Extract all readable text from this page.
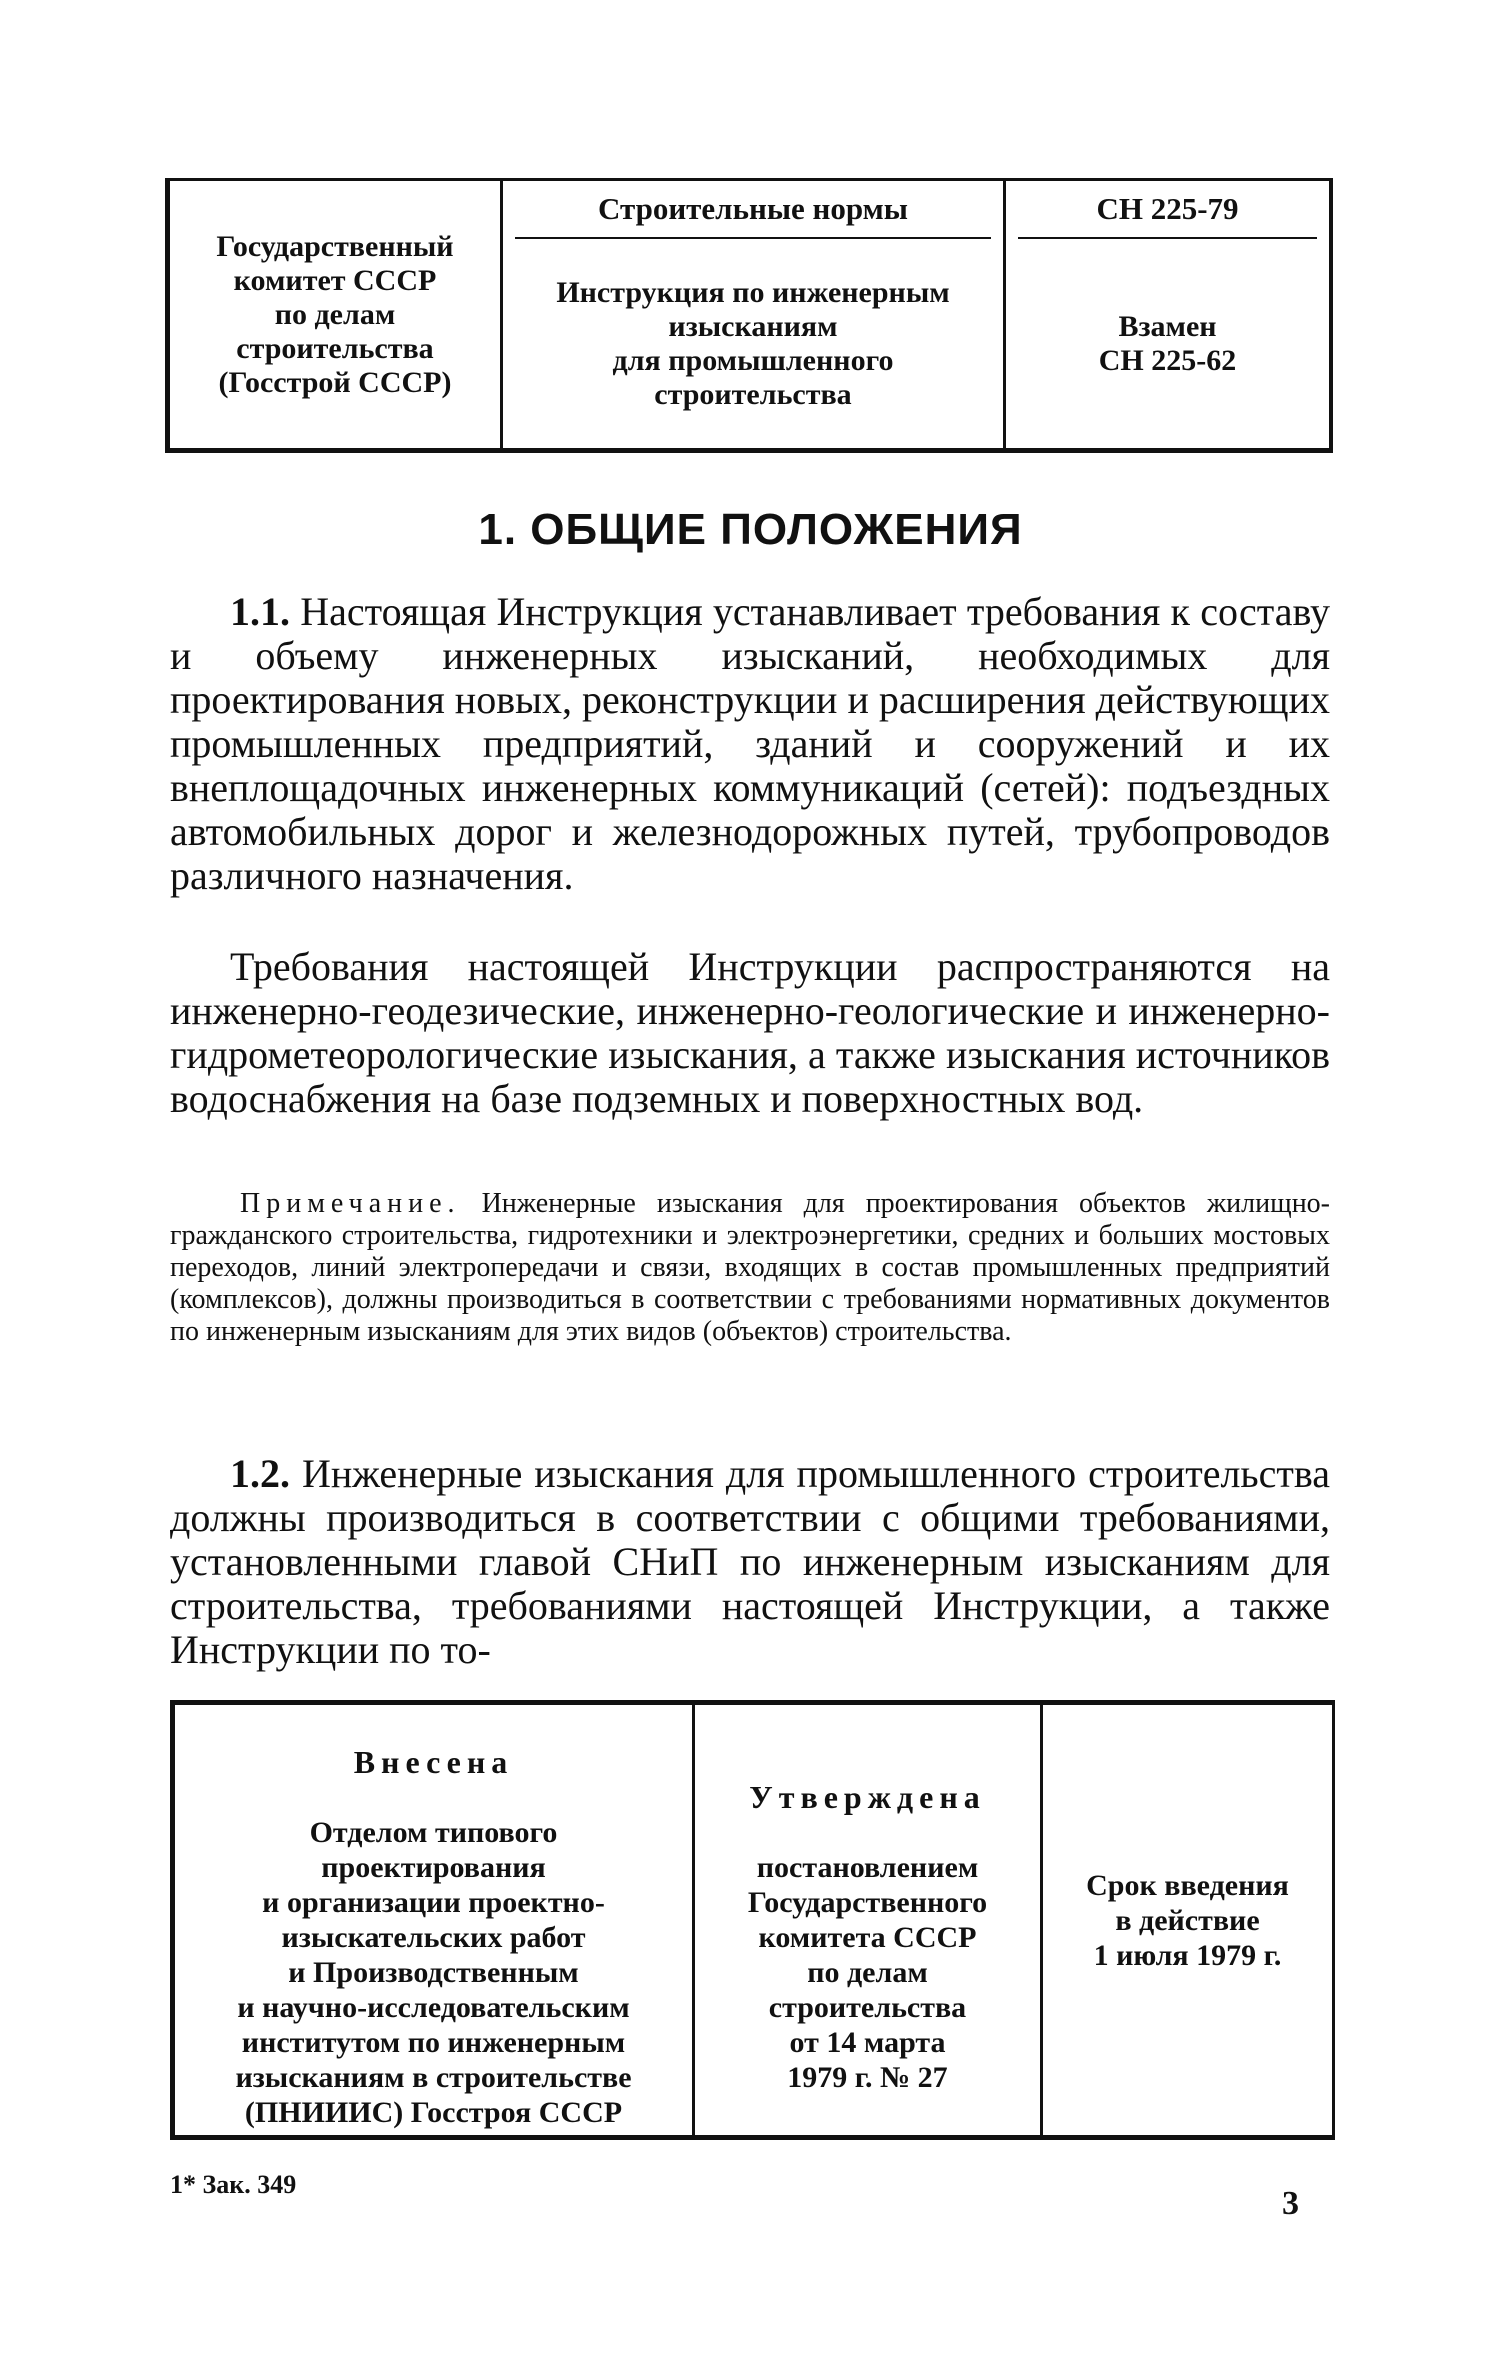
Государственный
комитет СССР
по делам
строительства
(Госстрой СССР)
Строительные нормы
Инструкция по инженерным
изысканиям
для промышленного
строительства
СН 225-79
Взамен
СН 225-62
1. ОБЩИЕ ПОЛОЖЕНИЯ

1.1. Настоящая Инструкция устанавливает требования к составу и объему инженерных изысканий, необходимых для проектирования новых, реконструкции и расширения действующих промышленных предприятий, зданий и сооружений и их внеплощадочных инженерных коммуникаций (сетей): подъездных автомобильных дорог и железнодорожных путей, трубопроводов различного назначения.

Требования настоящей Инструкции распространяются на инженерно-геодезические, инженерно-геологические и инженерно-гидрометеорологические изыскания, а также изыскания источников водоснабжения на базе подземных и поверхностных вод.

Примечание. Инженерные изыскания для проектирования объектов жилищно-гражданского строительства, гидротехники и электроэнергетики, средних и больших мостовых переходов, линий электропередачи и связи, входящих в состав промышленных предприятий (комплексов), должны производиться в соответствии с требованиями нормативных документов по инженерным изысканиям для этих видов (объектов) строительства.

1.2. Инженерные изыскания для промышленного строительства должны производиться в соответствии с общими требованиями, установленными главой СНиП по инженерным изысканиям для строительства, требованиями настоящей Инструкции, а также Инструкции по то-

Внесена

Отделом типового
проектирования
и организации проектно-
изыскательских работ
и Производственным
и научно-исследовательским
институтом по инженерным
изысканиям в строительстве
(ПНИИИС) Госстроя СССР

Утверждена

постановлением
Государственного
комитета СССР
по делам
строительства
от 14 марта
1979 г. № 27

Срок введения
в действие
1 июля 1979 г.
1* Зак. 349
3
